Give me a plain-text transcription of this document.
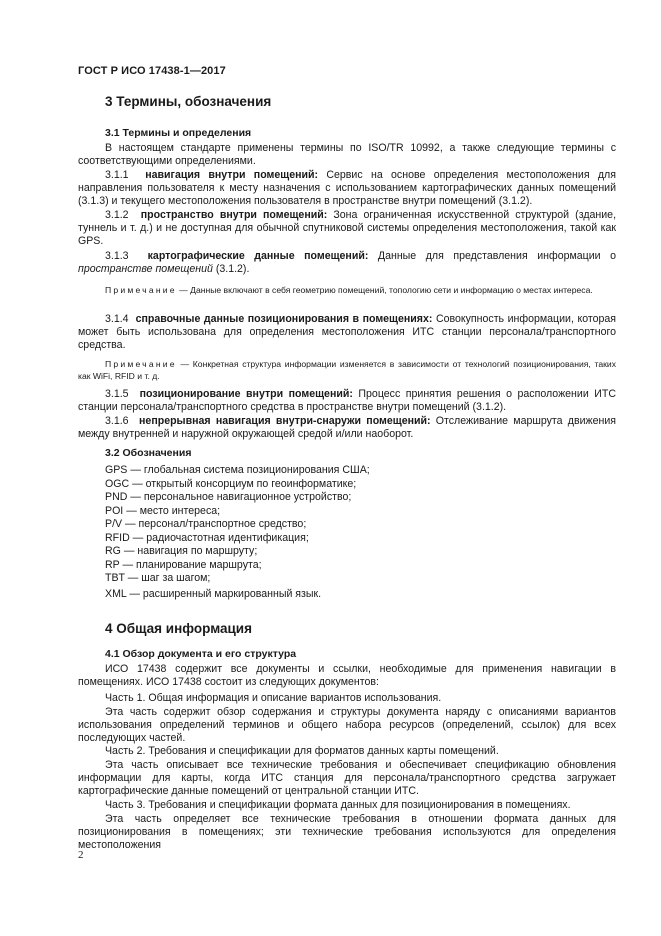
ГОСТ Р ИСО 17438-1—2017
3 Термины, обозначения
3.1 Термины и определения
В настоящем стандарте применены термины по ISO/TR 10992, а также следующие термины с соответствующими определениями.
3.1.1 навигация внутри помещений: Сервис на основе определения местоположения для направления пользователя к месту назначения с использованием картографических данных помещений (3.1.3) и текущего местоположения пользователя в пространстве внутри помещений (3.1.2).
3.1.2 пространство внутри помещений: Зона ограниченная искусственной структурой (здание, туннель и т. д.) и не доступная для обычной спутниковой системы определения местоположения, такой как GPS.
3.1.3 картографические данные помещений: Данные для представления информации о пространстве помещений (3.1.2).
Примечание — Данные включают в себя геометрию помещений, топологию сети и информацию о местах интереса.
3.1.4 справочные данные позиционирования в помещениях: Совокупность информации, которая может быть использована для определения местоположения ИТС станции персонала/транспортного средства.
Примечание — Конкретная структура информации изменяется в зависимости от технологий позиционирования, таких как WiFi, RFID и т. д.
3.1.5 позиционирование внутри помещений: Процесс принятия решения о расположении ИТС станции персонала/транспортного средства в пространстве внутри помещений (3.1.2).
3.1.6 непрерывная навигация внутри-снаружи помещений: Отслеживание маршрута движения между внутренней и наружной окружающей средой и/или наоборот.
3.2 Обозначения
GPS — глобальная система позиционирования США;
OGC — открытый консорциум по геоинформатике;
PND — персональное навигационное устройство;
POI — место интереса;
P/V — персонал/транспортное средство;
RFID — радиочастотная идентификация;
RG — навигация по маршруту;
RP — планирование маршрута;
TBT — шаг за шагом;
XML — расширенный маркированный язык.
4 Общая информация
4.1 Обзор документа и его структура
ИСО 17438 содержит все документы и ссылки, необходимые для применения навигации в помещениях. ИСО 17438 состоит из следующих документов:
Часть 1. Общая информация и описание вариантов использования.
Эта часть содержит обзор содержания и структуры документа наряду с описаниями вариантов использования определений терминов и общего набора ресурсов (определений, ссылок) для всех последующих частей.
Часть 2. Требования и спецификации для форматов данных карты помещений.
Эта часть описывает все технические требования и обеспечивает спецификацию обновления информации для карты, когда ИТС станция для персонала/транспортного средства загружает картографические данные помещений от центральной станции ИТС.
Часть 3. Требования и спецификации формата данных для позиционирования в помещениях.
Эта часть определяет все технические требования в отношении формата данных для позиционирования в помещениях; эти технические требования используются для определения местоположения
2
